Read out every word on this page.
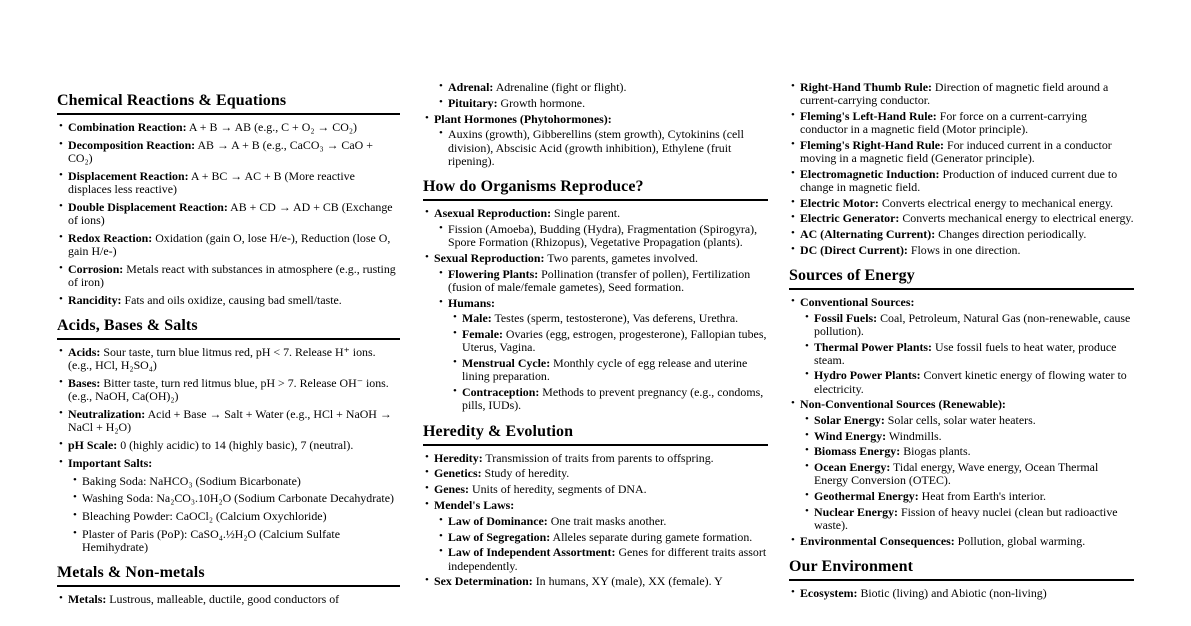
Chemical Reactions & Equations
• Combination Reaction: A + B → AB (e.g., C + O₂ → CO₂)
• Decomposition Reaction: AB → A + B (e.g., CaCO₃ → CaO + CO₂)
• Displacement Reaction: A + BC → AC + B (More reactive displaces less reactive)
• Double Displacement Reaction: AB + CD → AD + CB (Exchange of ions)
• Redox Reaction: Oxidation (gain O, lose H/e-), Reduction (lose O, gain H/e-)
• Corrosion: Metals react with substances in atmosphere (e.g., rusting of iron)
• Rancidity: Fats and oils oxidize, causing bad smell/taste.
Acids, Bases & Salts
• Acids: Sour taste, turn blue litmus red, pH < 7. Release H⁺ ions. (e.g., HCl, H₂SO₄)
• Bases: Bitter taste, turn red litmus blue, pH > 7. Release OH⁻ ions. (e.g., NaOH, Ca(OH)₂)
• Neutralization: Acid + Base → Salt + Water (e.g., HCl + NaOH → NaCl + H₂O)
• pH Scale: 0 (highly acidic) to 14 (highly basic), 7 (neutral).
• Important Salts:
• Baking Soda: NaHCO₃ (Sodium Bicarbonate)
• Washing Soda: Na₂CO₃.10H₂O (Sodium Carbonate Decahydrate)
• Bleaching Powder: CaOCl₂ (Calcium Oxychloride)
• Plaster of Paris (PoP): CaSO₄.½H₂O (Calcium Sulfate Hemihydrate)
Metals & Non-metals
• Metals: Lustrous, malleable, ductile, good conductors of
• Adrenal: Adrenaline (fight or flight).
• Pituitary: Growth hormone.
• Plant Hormones (Phytohormones):
• Auxins (growth), Gibberellins (stem growth), Cytokinins (cell division), Abscisic Acid (growth inhibition), Ethylene (fruit ripening).
How do Organisms Reproduce?
• Asexual Reproduction: Single parent.
• Fission (Amoeba), Budding (Hydra), Fragmentation (Spirogyra), Spore Formation (Rhizopus), Vegetative Propagation (plants).
• Sexual Reproduction: Two parents, gametes involved.
• Flowering Plants: Pollination (transfer of pollen), Fertilization (fusion of male/female gametes), Seed formation.
• Humans:
• Male: Testes (sperm, testosterone), Vas deferens, Urethra.
• Female: Ovaries (egg, estrogen, progesterone), Fallopian tubes, Uterus, Vagina.
• Menstrual Cycle: Monthly cycle of egg release and uterine lining preparation.
• Contraception: Methods to prevent pregnancy (e.g., condoms, pills, IUDs).
Heredity & Evolution
• Heredity: Transmission of traits from parents to offspring.
• Genetics: Study of heredity.
• Genes: Units of heredity, segments of DNA.
• Mendel's Laws:
• Law of Dominance: One trait masks another.
• Law of Segregation: Alleles separate during gamete formation.
• Law of Independent Assortment: Genes for different traits assort independently.
• Sex Determination: In humans, XY (male), XX (female). Y
• Right-Hand Thumb Rule: Direction of magnetic field around a current-carrying conductor.
• Fleming's Left-Hand Rule: For force on a current-carrying conductor in a magnetic field (Motor principle).
• Fleming's Right-Hand Rule: For induced current in a conductor moving in a magnetic field (Generator principle).
• Electromagnetic Induction: Production of induced current due to change in magnetic field.
• Electric Motor: Converts electrical energy to mechanical energy.
• Electric Generator: Converts mechanical energy to electrical energy.
• AC (Alternating Current): Changes direction periodically.
• DC (Direct Current): Flows in one direction.
Sources of Energy
• Conventional Sources:
• Fossil Fuels: Coal, Petroleum, Natural Gas (non-renewable, cause pollution).
• Thermal Power Plants: Use fossil fuels to heat water, produce steam.
• Hydro Power Plants: Convert kinetic energy of flowing water to electricity.
• Non-Conventional Sources (Renewable):
• Solar Energy: Solar cells, solar water heaters.
• Wind Energy: Windmills.
• Biomass Energy: Biogas plants.
• Ocean Energy: Tidal energy, Wave energy, Ocean Thermal Energy Conversion (OTEC).
• Geothermal Energy: Heat from Earth's interior.
• Nuclear Energy: Fission of heavy nuclei (clean but radioactive waste).
• Environmental Consequences: Pollution, global warming.
Our Environment
• Ecosystem: Biotic (living) and Abiotic (non-living)
